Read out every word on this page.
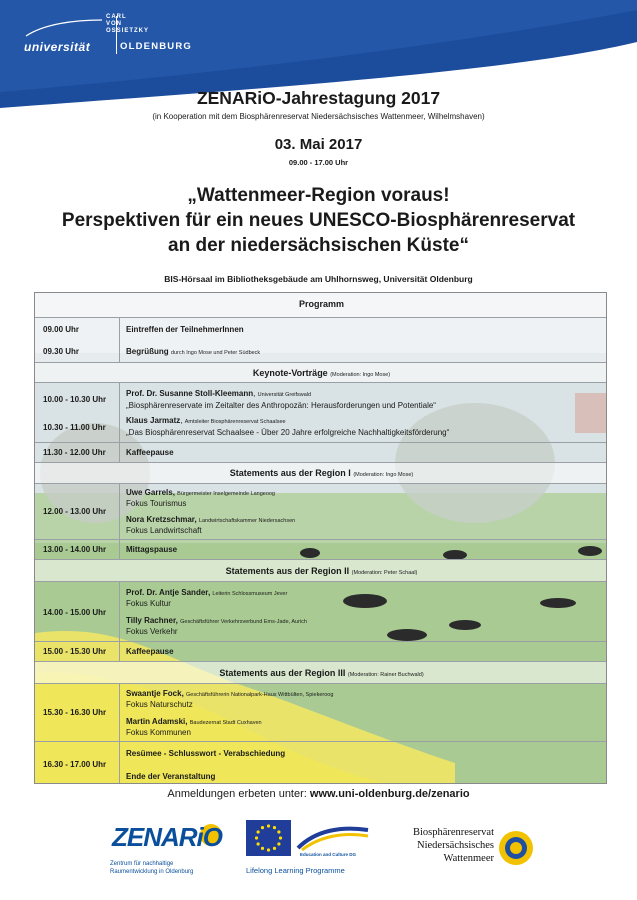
CARL
VON
OSSIETZKY
universität	OLDENBURG
ZENARiO-Jahrestagung 2017
(in Kooperation mit dem Biosphärenreservat Niedersächsisches Wattenmeer, Wilhelmshaven)
03. Mai 2017
09.00 - 17.00 Uhr
„Wattenmeer-Region voraus!
Perspektiven für ein neues UNESCO-Biosphärenreservat
an der niedersächsischen Küste“
BIS-Hörsaal im Bibliotheksgebäude am Uhlhornsweg, Universität Oldenburg
Programm
09.00 Uhr	Eintreffen der TeilnehmerInnen
09.30 Uhr	Begrüßung durch Ingo Mose und Peter Südbeck
Keynote-Vorträge (Moderation: Ingo Mose)
10.00 - 10.30 Uhr
Prof. Dr. Susanne Stoll-Kleemann, Universität Greifswald
„Biosphärenreservate im Zeitalter des Anthropozän: Herausforderungen und Potentiale“
10.30 - 11.00 Uhr
Klaus Jarmatz, Amtsleiter Biosphärenreservat Schaalsee
„Das Biosphärenreservat Schaalsee - Über 20 Jahre erfolgreiche Nachhaltigkeitsförderung“
11.30 - 12.00 Uhr	Kaffeepause
Statements aus der Region I (Moderation: Ingo Mose)
12.00 - 13.00 Uhr
Uwe Garrels, Bürgermeister Inselgemeinde Langeoog
Fokus Tourismus
Nora Kretzschmar, Landwirtschaftskammer Niedersachsen
Fokus Landwirtschaft
13.00 - 14.00 Uhr Mittagspause
Statements aus der Region II (Moderation: Peter Schaal)
14.00 - 15.00 Uhr
Prof. Dr. Antje Sander, Leiterin Schlossmuseum Jever
Fokus Kultur
Tilly Rachner, Geschäftsführer Verkehrsverbund Ems-Jade, Aurich
Fokus Verkehr
15.00 - 15.30 Uhr Kaffeepause
Statements aus der Region III (Moderation: Rainer Buchwald)
15.30 - 16.30 Uhr
Swaantje Fock, Geschäftsführerin Nationalpark-Haus Wittbülten, Spiekeroog
Fokus Naturschutz
Martin Adamski, Baudezernat Stadt Cuxhaven
Fokus Kommunen
16.30 - 17.00 Uhr
Resümee - Schlusswort - Verabschiedung
Ende der Veranstaltung
Anmeldungen erbeten unter: www.uni-oldenburg.de/zenario
ZENARiO
Zentrum für nachhaltige
Raumentwicklung in Oldenburg
Education and Culture DG
Lifelong Learning Programme
Biosphärenreservat
Niedersächsisches
Wattenmeer
